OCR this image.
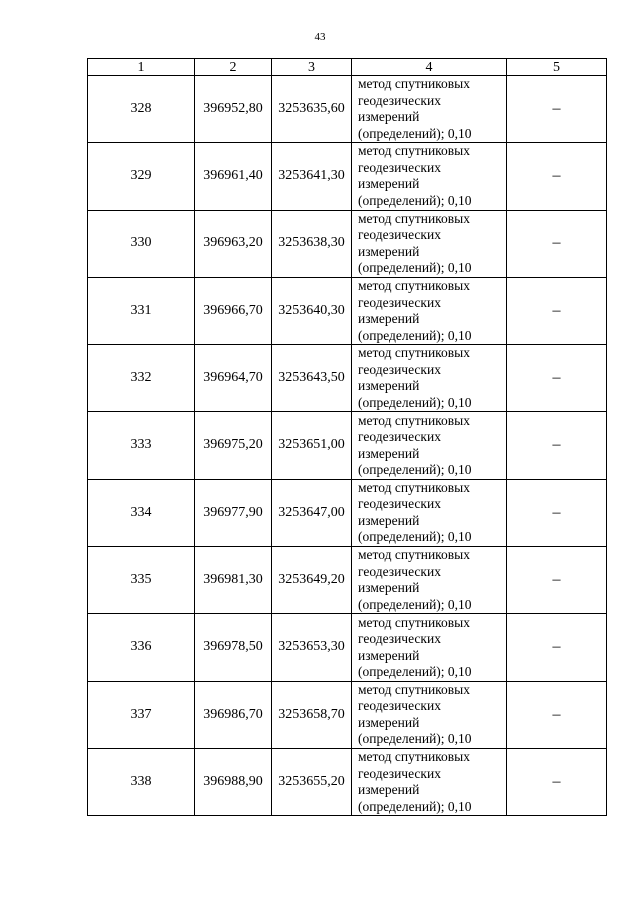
43
1	2	3	4	5
328	396952,80	3253635,60	метод спутниковых
геодезических
измерений
(определений); 0,10	–
329	396961,40	3253641,30	метод спутниковых
геодезических
измерений
(определений); 0,10	–
330	396963,20	3253638,30	метод спутниковых
геодезических
измерений
(определений); 0,10	–
331	396966,70	3253640,30	метод спутниковых
геодезических
измерений
(определений); 0,10	–
332	396964,70	3253643,50	метод спутниковых
геодезических
измерений
(определений); 0,10	–
333	396975,20	3253651,00	метод спутниковых
геодезических
измерений
(определений); 0,10	–
334	396977,90	3253647,00	метод спутниковых
геодезических
измерений
(определений); 0,10	–
335	396981,30	3253649,20	метод спутниковых
геодезических
измерений
(определений); 0,10	–
336	396978,50	3253653,30	метод спутниковых
геодезических
измерений
(определений); 0,10	–
337	396986,70	3253658,70	метод спутниковых
геодезических
измерений
(определений); 0,10	–
338	396988,90	3253655,20	метод спутниковых
геодезических
измерений
(определений); 0,10	–
